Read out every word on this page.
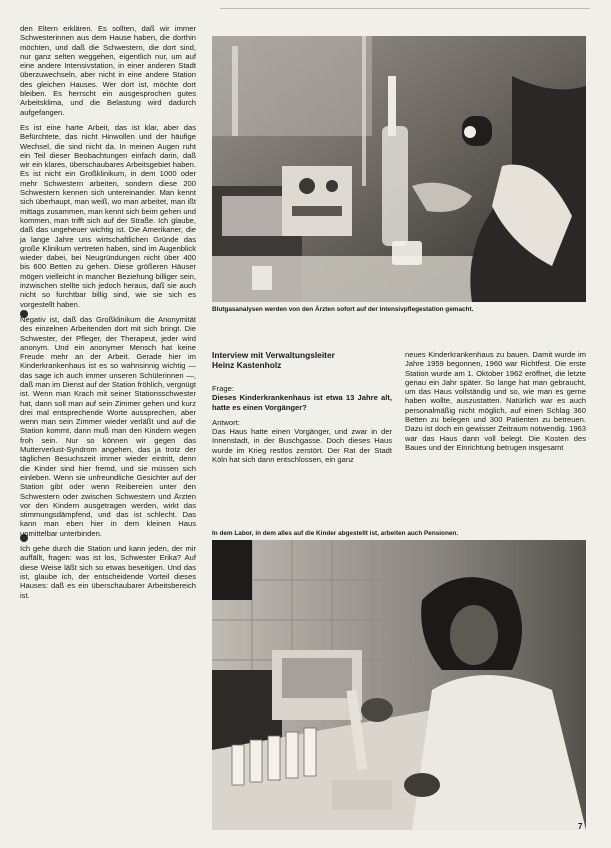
den Eltern erklären. Es sollten, daß wir immer Schwesterinnen aus dem Hause haben, die dorthin möchten, und daß die Schwestern, die dort sind, nur ganz selten weggehen, eigentlich nur, um auf eine andere Intensivstation, in einer anderen Stadt überzuwechseln, aber nicht in eine andere Station des gleichen Hauses. Wer dort ist, möchte dort bleiben. Es herrscht ein ausgesprochen gutes Arbeitsklima, und die Belastung wird dadurch aufgefangen.

Es ist eine harte Arbeit, das ist klar, aber das Befürchtete, das nicht Hinwollen und der häufige Wechsel, die sind nicht da. In meinen Augen ruht ein Teil dieser Beobachtungen einfach darin, daß wir ein klares, überschaubares Arbeitsgebiet haben. Es ist nicht ein Großklinikum, in dem 1000 oder mehr Schwestern arbeiten, sondern diese 200 Schwestern kennen sich untereinander. Man kennt sich überhaupt, man weiß, wo man arbeitet, man ißt mittags zusammen, man kennt sich beim gehen und kommen, man trifft sich auf der Straße. Ich glaube, daß das ungeheuer wichtig ist. Die Amerikaner, die ja lange Jahre uns wirtschaftlichen Gründe das große Klinikum vertreten haben, sind im Augenblick wieder dabei, bei Neugründungen nicht über 400 bis 600 Betten zu gehen. Diese größeren Häuser mögen vielleicht in mancher Beziehung billiger sein, inzwischen stellte sich jedoch heraus, daß sie auch nicht so furchtbar billig sind, wie sie sich es vorgestellt haben.

Negativ ist, daß das Großklinikum die Anonymität des einzelnen Arbeitenden dort mit sich bringt. Die Schwester, der Pfleger, der Therapeut, jeder wird anonym. Und ein anonymer Mensch hat keine Freude mehr an der Arbeit. Gerade hier im Kinderkrankenhaus ist es so wahnsinnig wichtig — das sage ich auch immer unseren Schülerinnen —, daß man im Dienst auf der Station fröhlich, vergnügt ist. Wenn man Krach mit seiner Stationsschwester hat, dann soll man auf sein Zimmer gehen und kurz drei mal entsprechende Worte aussprechen, aber wenn man sein Zimmer wieder verläßt und auf die Station kommt, dann muß man den Kindern wegen froh sein. Nur so können wir gegen das Mutterverlust-Syndrom angehen, das ja trotz der täglichen Besuchszeit immer wieder eintritt, denn die Kinder sind hier fremd, und sie müssen sich einleben. Wenn sie unfreundliche Gesichter auf der Station gibt oder wenn Reibereien unter den Schwestern oder zwischen Schwestern und Ärzten vor den Kindern ausgetragen werden, wirkt das stimmungsdämpfend, und das ist schlecht. Das kann man eben hier in dem kleinen Haus unmittelbar unterbinden.

Ich gehe durch die Station und kann jeden, der mir auffällt, fragen: was ist los, Schwester Erika? Auf diese Weise läßt sich so etwas beseitigen. Und das ist, glaube ich, der entscheidende Vorteil dieses Hauses: daß es ein überschaubarer Arbeitsbereich ist.

Blutgasanalysen werden von den Ärzten sofort auf der Intensivpflegestation gemacht.
Interview mit Verwaltungsleiter
Heinz Kastenholz

Frage:

Dieses Kinderkrankenhaus ist etwa 13 Jahre alt, hatte es einen Vorgänger?

Antwort:

Das Haus hatte einen Vorgänger, und zwar in der Innenstadt, in der Buschgasse. Doch dieses Haus wurde im Krieg restlos zerstört. Der Rat der Stadt Köln hat sich dann entschlossen, ein ganz

neues Kinderkrankenhaus zu bauen. Damit wurde im Jahre 1959 begonnen, 1960 war Richtfest. Die erste Station wurde am 1. Oktober 1962 eröffnet, die letzte genau ein Jahr später. So lange hat man gebraucht, um das Haus vollständig und so, wie man es gerne haben wollte, auszustatten. Natürlich war es auch personalmäßig nicht möglich, auf einen Schlag 360 Betten zu belegen und 300 Patienten zu betreuen. Dazu ist doch ein gewisser Zeitraum notwendig. 1963 war das Haus dann voll belegt. Die Kosten des Baues und der Einrichtung betrugen insgesamt

In dem Labor, in dem alles auf die Kinder abgestellt ist, arbeiten auch Pensionen.
7
